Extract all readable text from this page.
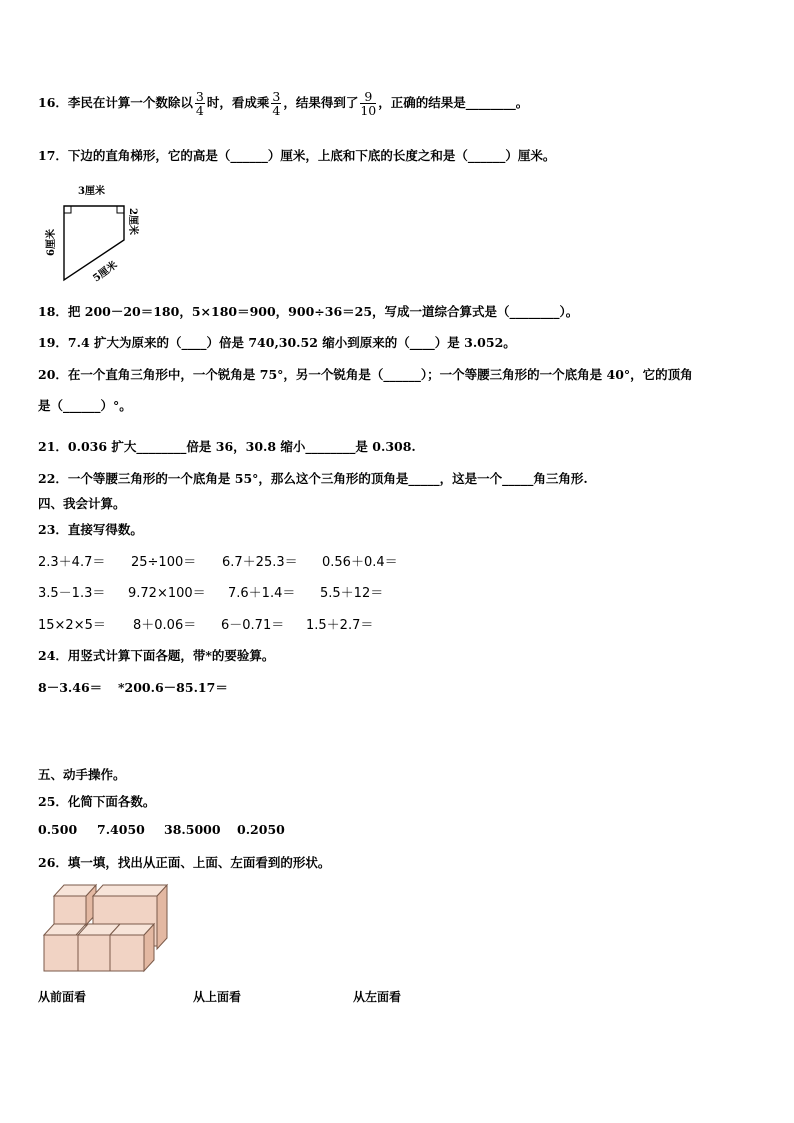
16．李民在计算一个数除以 $\frac{3}{4}$ 时，看成乘 $\frac{3}{4}$ ，结果得到了 $\frac{9}{10}$ ，正确的结果是________。
17．下边的直角梯形，它的高是（______）厘米，上底和下底的长度之和是（______）厘米。
3厘米
6厘米
2厘米
5厘米
18．把 200－20＝180，5×180＝900，900÷36＝25，写成一道综合算式是（________）。
19．7.4 扩大为原来的（____）倍是 740,30.52 缩小到原来的（____）是 3.052。
20．在一个直角三角形中，一个锐角是 75°，另一个锐角是（______）；一个等腰三角形的一个底角是 40°，它的顶角
是（______）°。
21．0.036 扩大________倍是 36，30.8 缩小________是 0.308.
22．一个等腰三角形的一个底角是 55°，那么这个三角形的顶角是_____，这是一个_____角三角形.
四、我会计算。
23．直接写得数。
2.3＋4.7＝ 25÷100＝ 6.7＋25.3＝ 0.56＋0.4＝
3.5－1.3＝ 9.72×100＝ 7.6＋1.4＝ 5.5＋12＝
15×2×5＝ 8＋0.06＝ 6－0.71＝ 1.5＋2.7＝
24．用竖式计算下面各题，带*的要验算。
8－3.46＝ *200.6－85.17＝
五、动手操作。
25．化简下面各数。
0.500 7.4050 38.5000 0.2050
26．填一填，找出从正面、上面、左面看到的形状。
从前面看	从上面看	从左面看
